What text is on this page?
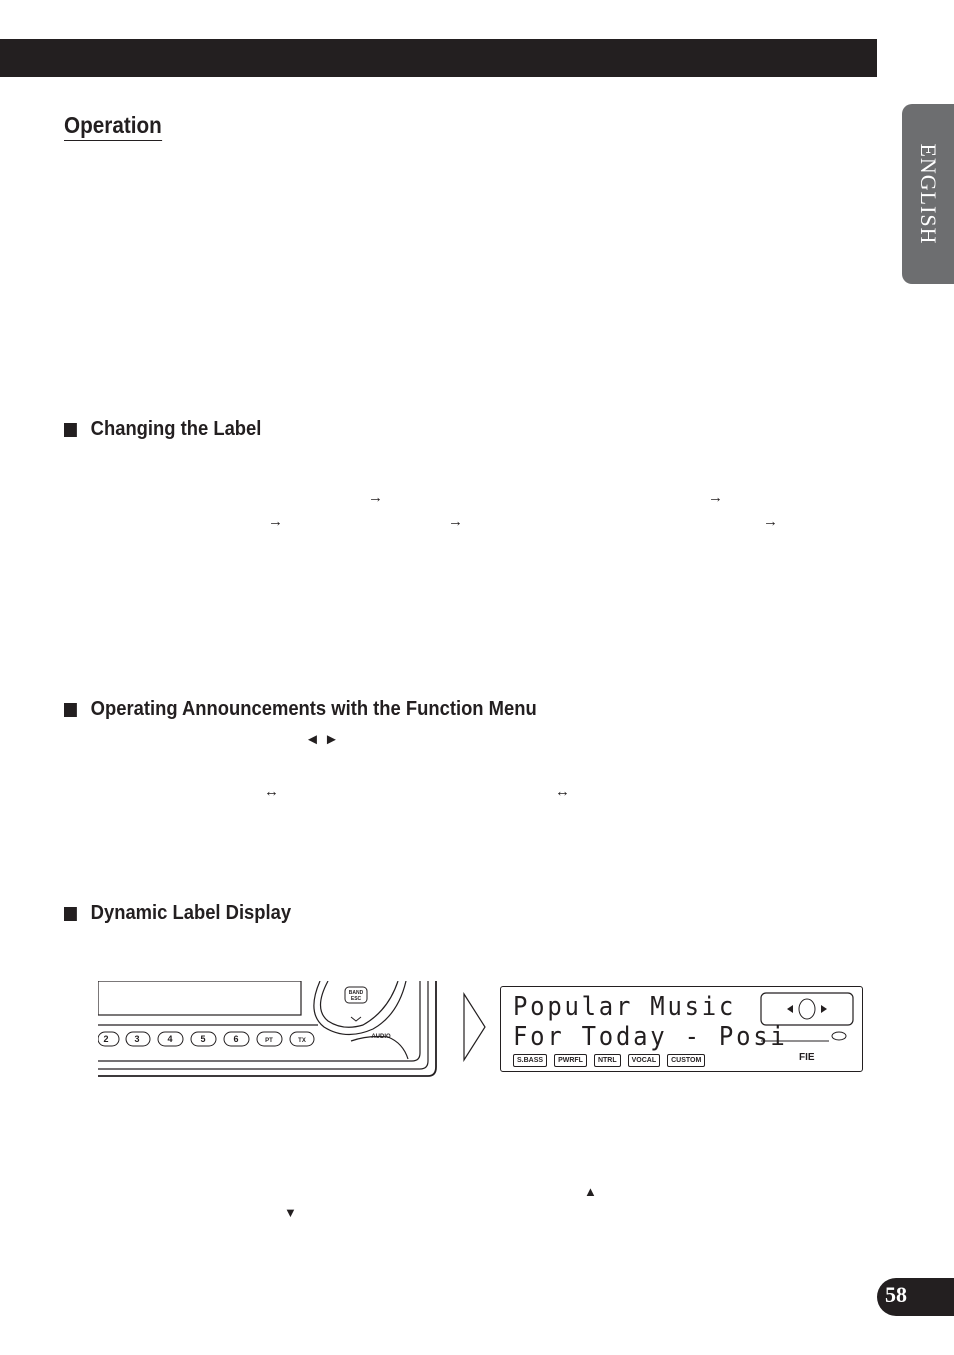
ENGLISH
Operation
Changing the Label
→	→
→	→	→
Operating Announcements with the Function Menu
◄ ►
↔	↔
Dynamic Label Display
BAND
ESC
AUDIO
2	3	4	5	6	PT	TX
Popular Music
For Today - Posi
S.BASS	PWRFL	NTRL	VOCAL	CUSTOM	FIE
▲
▼
58
